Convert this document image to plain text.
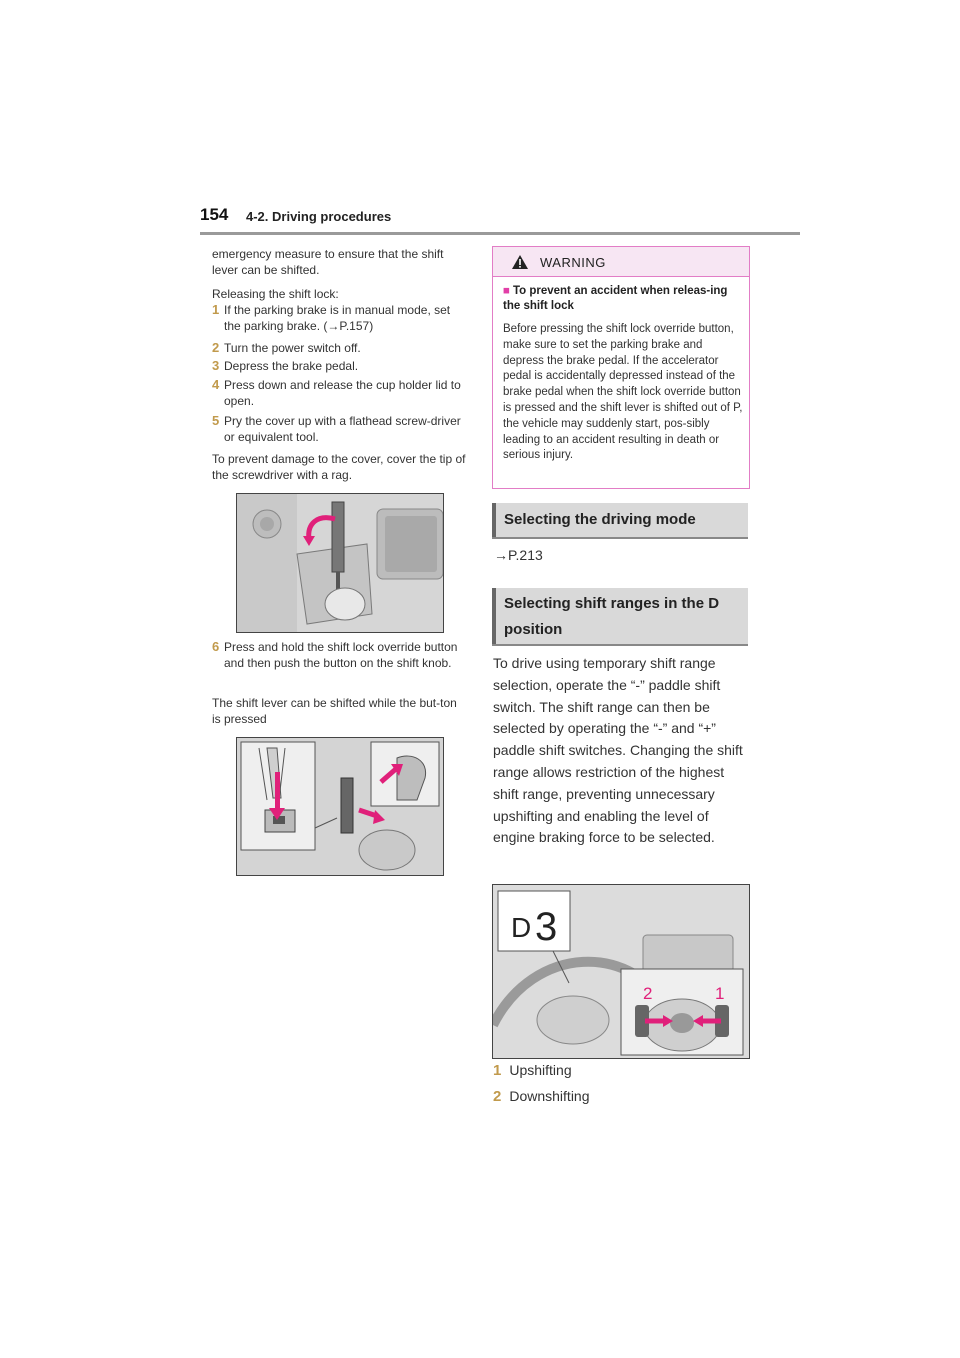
154 4-2. Driving procedures
emergency measure to ensure that the shift lever can be shifted.
Releasing the shift lock:
1 If the parking brake is in manual mode, set the parking brake. (→P.157)
2 Turn the power switch off.
3 Depress the brake pedal.
4 Press down and release the cup holder lid to open.
5 Pry the cover up with a flathead screw-driver or equivalent tool.
To prevent damage to the cover, cover the tip of the screwdriver with a rag.
6 Press and hold the shift lock override button and then push the button on the shift knob.
The shift lever can be shifted while the but-ton is pressed
WARNING
■ To prevent an accident when releas-ing the shift lock
Before pressing the shift lock override button, make sure to set the parking brake and depress the brake pedal. If the accelerator pedal is accidentally depressed instead of the brake pedal when the shift lock override button is pressed and the shift lever is shifted out of P, the vehicle may suddenly start, pos-sibly leading to an accident resulting in death or serious injury.
Selecting the driving mode
→P.213
Selecting shift ranges in the D position
To drive using temporary shift range selection, operate the “-” paddle shift switch. The shift range can then be selected by operating the “-” and “+” paddle shift switches. Changing the shift range allows restriction of the highest shift range, preventing unnecessary upshifting and enabling the level of engine braking force to be selected.
D 3
2	1
1 Upshifting
2 Downshifting
